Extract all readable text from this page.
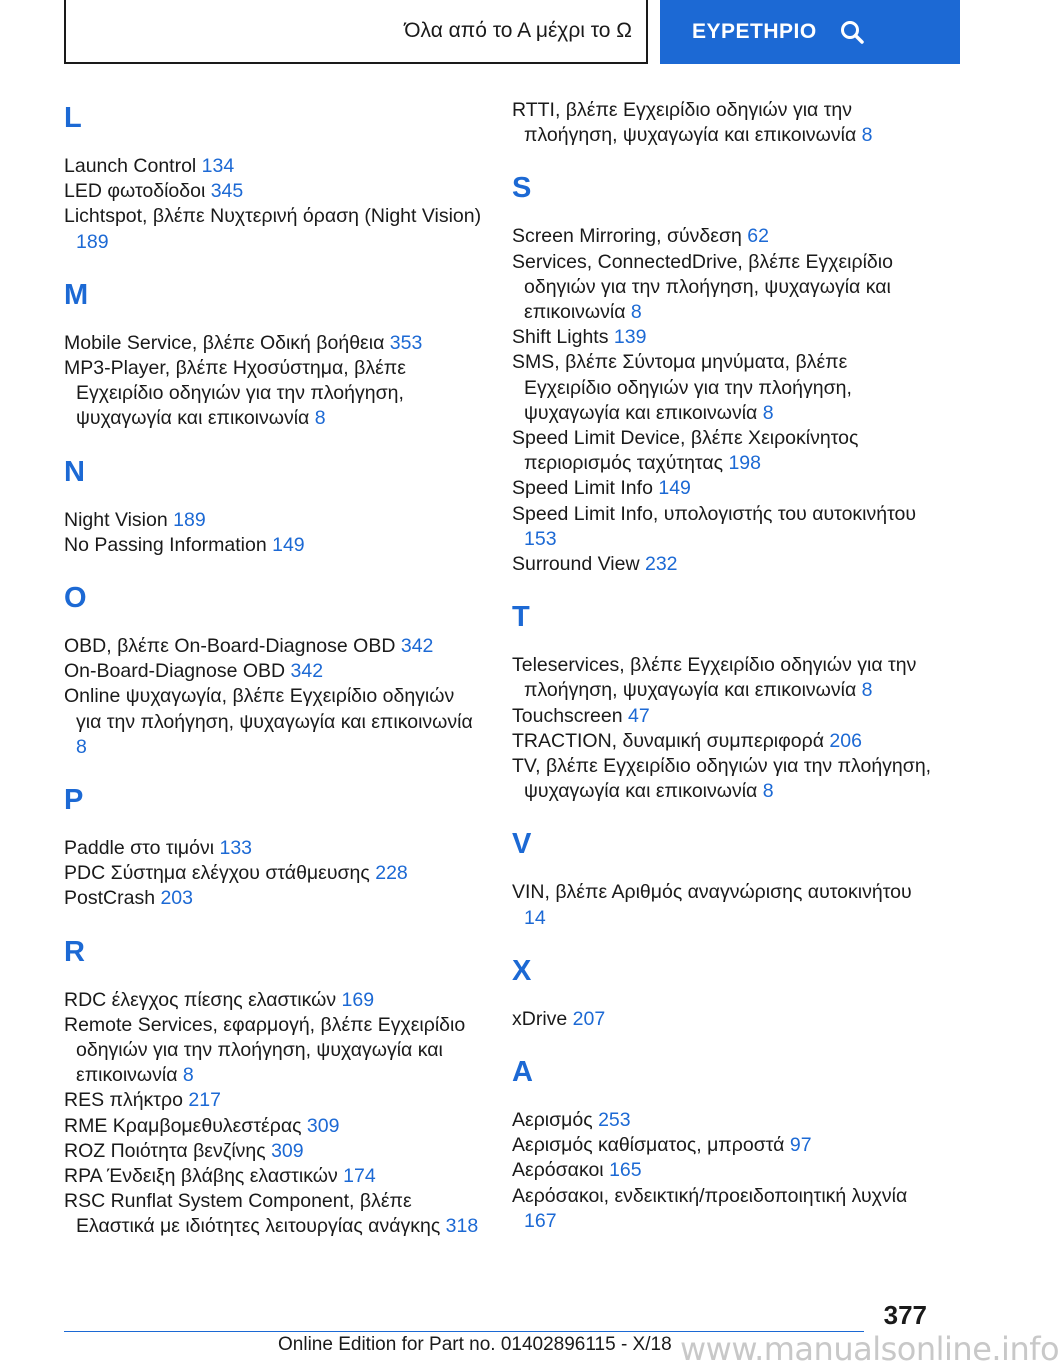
Όλα από το Α μέχρι το Ω	ΕΥΡΕΤΗΡΙΟ
L
Launch Control 134
LED φωτοδίοδοι 345
Lichtspot, βλέπε Νυχτερινή όραση (Night Vision) 189
M
Mobile Service, βλέπε Οδική βοήθεια 353
MP3-Player, βλέπε Ηχοσύστημα, βλέπε Εγχειρίδιο οδηγιών για την πλοήγηση, ψυχαγωγία και επικοινωνία 8
N
Night Vision 189
No Passing Information 149
O
OBD, βλέπε On-Board-Diagnose OBD 342
On-Board-Diagnose OBD 342
Online ψυχαγωγία, βλέπε Εγχειρίδιο οδηγιών για την πλοήγηση, ψυχαγωγία και επικοινωνία 8
P
Paddle στο τιμόνι 133
PDC Σύστημα ελέγχου στάθμευσης 228
PostCrash 203
R
RDC έλεγχος πίεσης ελαστικών 169
Remote Services, εφαρμογή, βλέπε Εγχειρίδιο οδηγιών για την πλοήγηση, ψυχαγωγία και επικοινωνία 8
RES πλήκτρο 217
RME Κραμβομεθυλεστέρας 309
ROZ Ποιότητα βενζίνης 309
RPA Ένδειξη βλάβης ελαστικών 174
RSC Runflat System Component, βλέπε Ελαστικά με ιδιότητες λειτουργίας ανάγκης 318
RTTI, βλέπε Εγχειρίδιο οδηγιών για την πλοήγηση, ψυχαγωγία και επικοινωνία 8
S
Screen Mirroring, σύνδεση 62
Services, ConnectedDrive, βλέπε Εγχειρίδιο οδηγιών για την πλοήγηση, ψυχαγωγία και επικοινωνία 8
Shift Lights 139
SMS, βλέπε Σύντομα μηνύματα, βλέπε Εγχειρίδιο οδηγιών για την πλοήγηση, ψυχαγωγία και επικοινωνία 8
Speed Limit Device, βλέπε Χειροκίνητος περιορισμός ταχύτητας 198
Speed Limit Info 149
Speed Limit Info, υπολογιστής του αυτοκινήτου 153
Surround View 232
T
Teleservices, βλέπε Εγχειρίδιο οδηγιών για την πλοήγηση, ψυχαγωγία και επικοινωνία 8
Touchscreen 47
TRACTION, δυναμική συμπεριφορά 206
TV, βλέπε Εγχειρίδιο οδηγιών για την πλοήγηση, ψυχαγωγία και επικοινωνία 8
V
VIN, βλέπε Αριθμός αναγνώρισης αυτοκινήτου 14
X
xDrive 207
A
Αερισμός 253
Αερισμός καθίσματος, μπροστά 97
Αερόσακοι 165
Αερόσακοι, ενδεικτική/προειδοποιητική λυχνία 167
377
Online Edition for Part no. 01402896115 - X/18 www.manualsonline.info
